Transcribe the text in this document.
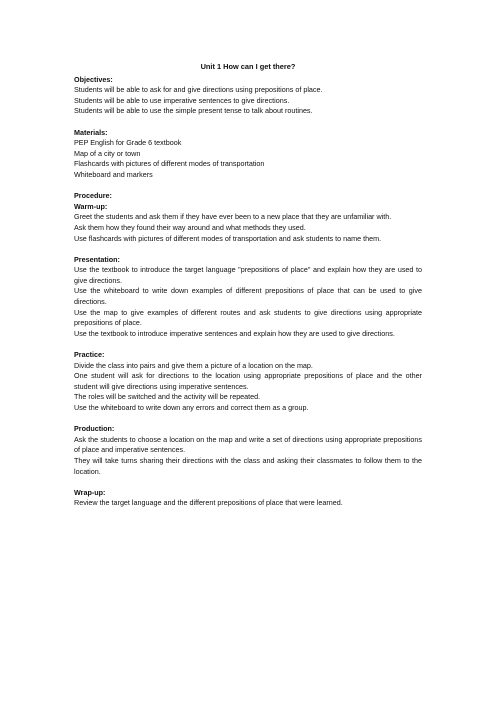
Unit 1 How can I get there?

Objectives:

Students will be able to ask for and give directions using prepositions of place.

Students will be able to use imperative sentences to give directions.

Students will be able to use the simple present tense to talk about routines.

Materials:

PEP English for Grade 6 textbook

Map of a city or town

Flashcards with pictures of different modes of transportation

Whiteboard and markers

Procedure:

Warm-up:

Greet the students and ask them if they have ever been to a new place that they are unfamiliar with.

Ask them how they found their way around and what methods they used.

Use flashcards with pictures of different modes of transportation and ask students to name them.

Presentation:

Use the textbook to introduce the target language "prepositions of place" and explain how they are used to give directions.

Use the whiteboard to write down examples of different prepositions of place that can be used to give directions.

Use the map to give examples of different routes and ask students to give directions using appropriate prepositions of place.

Use the textbook to introduce imperative sentences and explain how they are used to give directions.

Practice:

Divide the class into pairs and give them a picture of a location on the map.

One student will ask for directions to the location using appropriate prepositions of place and the other student will give directions using imperative sentences.

The roles will be switched and the activity will be repeated.

Use the whiteboard to write down any errors and correct them as a group.

Production:

Ask the students to choose a location on the map and write a set of directions using appropriate prepositions of place and imperative sentences.

They will take turns sharing their directions with the class and asking their classmates to follow them to the location.

Wrap-up:

Review the target language and the different prepositions of place that were learned.
